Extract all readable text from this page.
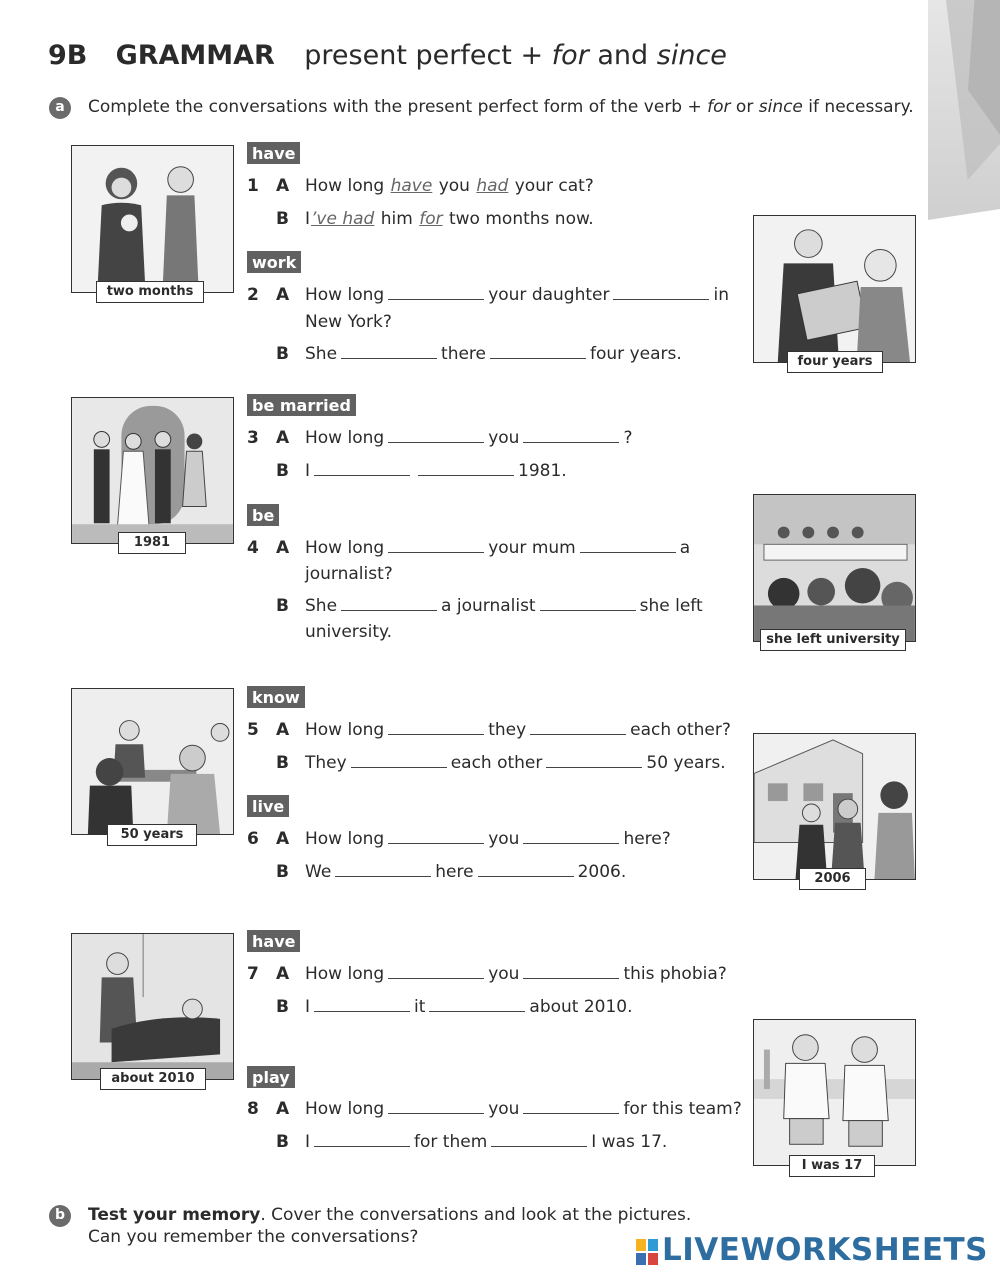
9B GRAMMAR present perfect + for and since
a	Complete the conversations with the present perfect form of the verb + for or since if necessary.
two months
four years
1981
she left university
50 years
2006
about 2010
I was 17
have
1 A How long have you had your cat?
B I’ve had him for two months now.
work
2 A How long	your daughter	in
New York?
B She	there	four years.
be married
3 A How long	you	?
B I	1981.
be
4 A How long	your mum	a
journalist?
B She	a journalist	she left
university.
know
5 A How long	they	each other?
B They	each other	50 years.
live
6 A How long	you	here?
B We	here	2006.
have
7 A How long	you	this phobia?
B I	it	about 2010.
play
8 A How long	you	for this team?
B I	for them	I was 17.
b	Test your memory. Cover the conversations and look at the pictures.
Can you remember the conversations?	LIVEWORKSHEETS
